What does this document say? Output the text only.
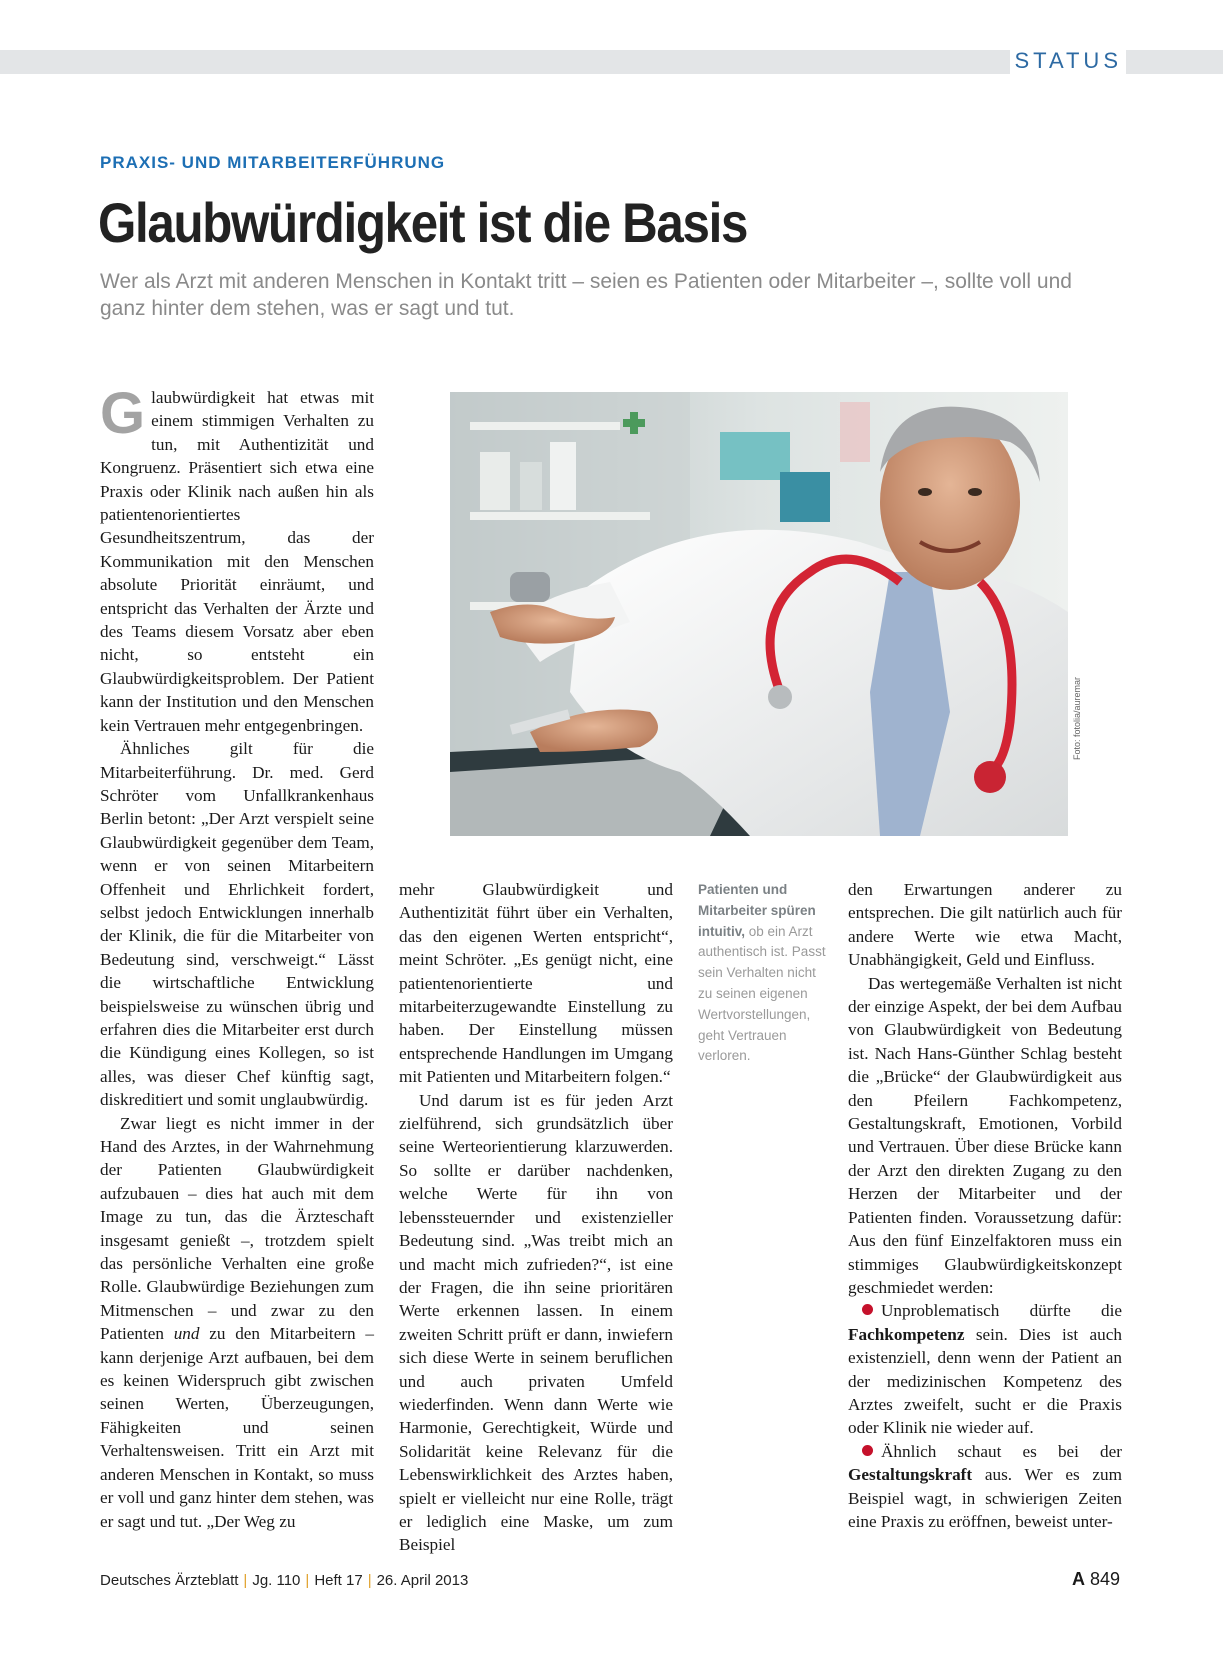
STATUS
PRAXIS- UND MITARBEITERFÜHRUNG
Glaubwürdigkeit ist die Basis

Wer als Arzt mit anderen Menschen in Kontakt tritt – seien es Patienten oder Mitarbeiter –, sollte voll und ganz hinter dem stehen, was er sagt und tut.

Glaubwürdigkeit hat etwas mit einem stimmigen Verhalten zu tun, mit Authentizität und Kongruenz. Präsentiert sich etwa eine Praxis oder Klinik nach außen hin als patientenorientiertes Gesundheitszentrum, das der Kommunikation mit den Menschen absolute Priorität einräumt, und entspricht das Verhalten der Ärzte und des Teams diesem Vorsatz aber eben nicht, so entsteht ein Glaubwürdigkeitsproblem. Der Patient kann der Institution und den Menschen kein Vertrauen mehr entgegenbringen.

Ähnliches gilt für die Mitarbeiterführung. Dr. med. Gerd Schröter vom Unfallkrankenhaus Berlin betont: „Der Arzt verspielt seine Glaubwürdigkeit gegenüber dem Team, wenn er von seinen Mitarbeitern Offenheit und Ehrlichkeit fordert, selbst jedoch Entwicklungen innerhalb der Klinik, die für die Mitarbeiter von Bedeutung sind, verschweigt.“ Lässt die wirtschaftliche Entwicklung beispielsweise zu wünschen übrig und erfahren dies die Mitarbeiter erst durch die Kündigung eines Kollegen, so ist alles, was dieser Chef künftig sagt, diskreditiert und somit unglaubwürdig.

Zwar liegt es nicht immer in der Hand des Arztes, in der Wahrnehmung der Patienten Glaubwürdigkeit aufzubauen – dies hat auch mit dem Image zu tun, das die Ärzteschaft insgesamt genießt –, trotzdem spielt das persönliche Verhalten eine große Rolle. Glaubwürdige Beziehungen zum Mitmenschen – und zwar zu den Patienten und zu den Mitarbeitern – kann derjenige Arzt aufbauen, bei dem es keinen Widerspruch gibt zwischen seinen Werten, Überzeugungen, Fähigkeiten und seinen Verhaltensweisen. Tritt ein Arzt mit anderen Menschen in Kontakt, so muss er voll und ganz hinter dem stehen, was er sagt und tut. „Der Weg zu

Foto: fotolia/auremar

mehr Glaubwürdigkeit und Authentizität führt über ein Verhalten, das den eigenen Werten entspricht“, meint Schröter. „Es genügt nicht, eine patientenorientierte und mitarbeiterzugewandte Einstellung zu haben. Der Einstellung müssen entsprechende Handlungen im Umgang mit Patienten und Mitarbeitern folgen.“

Und darum ist es für jeden Arzt zielführend, sich grundsätzlich über seine Werteorientierung klarzuwerden. So sollte er darüber nachdenken, welche Werte für ihn von lebenssteuernder und existenzieller Bedeutung sind. „Was treibt mich an und macht mich zufrieden?“, ist eine der Fragen, die ihn seine prioritären Werte erkennen lassen. In einem zweiten Schritt prüft er dann, inwiefern sich diese Werte in seinem beruflichen und auch privaten Umfeld wiederfinden. Wenn dann Werte wie Harmonie, Gerechtigkeit, Würde und Solidarität keine Relevanz für die Lebenswirklichkeit des Arztes haben, spielt er vielleicht nur eine Rolle, trägt er lediglich eine Maske, um zum Beispiel

Patienten und Mitarbeiter spüren intuitiv, ob ein Arzt authentisch ist. Passt sein Verhalten nicht zu seinen eigenen Wertvorstellungen, geht Vertrauen verloren.

den Erwartungen anderer zu entsprechen. Die gilt natürlich auch für andere Werte wie etwa Macht, Unabhängigkeit, Geld und Einfluss.

Das wertegemäße Verhalten ist nicht der einzige Aspekt, der bei dem Aufbau von Glaubwürdigkeit von Bedeutung ist. Nach Hans-Günther Schlag besteht die „Brücke“ der Glaubwürdigkeit aus den Pfeilern Fachkompetenz, Gestaltungskraft, Emotionen, Vorbild und Vertrauen. Über diese Brücke kann der Arzt den direkten Zugang zu den Herzen der Mitarbeiter und der Patienten finden. Voraussetzung dafür: Aus den fünf Einzelfaktoren muss ein stimmiges Glaubwürdigkeitskonzept geschmiedet werden:

Unproblematisch dürfte die Fachkompetenz sein. Dies ist auch existenziell, denn wenn der Patient an der medizinischen Kompetenz des Arztes zweifelt, sucht er die Praxis oder Klinik nie wieder auf.

Ähnlich schaut es bei der Gestaltungskraft aus. Wer es zum Beispiel wagt, in schwierigen Zeiten eine Praxis zu eröffnen, beweist unter-

Deutsches Ärzteblatt | Jg. 110 | Heft 17 | 26. April 2013	A 849
